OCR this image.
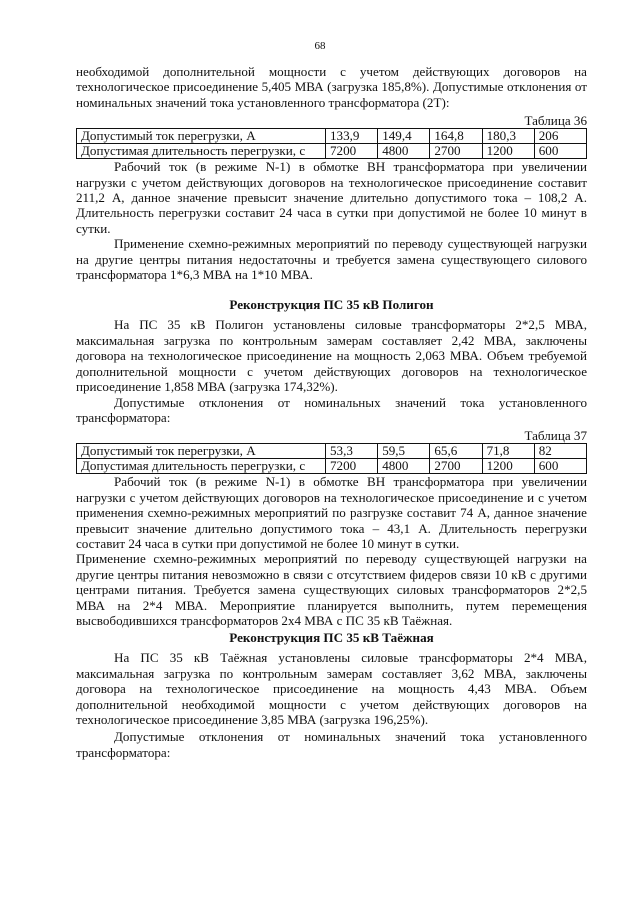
68

необходимой дополнительной мощности с учетом действующих договоров на технологическое присоединение 5,405 МВА (загрузка 185,8%). Допустимые отклонения от номинальных значений тока установленного трансформатора (2Т):

Таблица 36
Допустимый ток перегрузки, А	133,9	149,4	164,8	180,3	206
Допустимая длительность перегрузки, с	7200	4800	2700	1200	600

Рабочий ток (в режиме N-1) в обмотке ВН трансформатора при увеличении нагрузки с учетом действующих договоров на технологическое присоединение составит 211,2 А, данное значение превысит значение длительно допустимого тока – 108,2 А. Длительность перегрузки составит 24 часа в сутки при допустимой не более 10 минут в сутки.

Применение схемно-режимных мероприятий по переводу существующей нагрузки на другие центры питания недостаточны и требуется замена существующего силового трансформатора 1*6,3 МВА на 1*10 МВА.

Реконструкция ПС 35 кВ Полигон

На ПС 35 кВ Полигон установлены силовые трансформаторы 2*2,5 МВА, максимальная загрузка по контрольным замерам составляет 2,42 МВА, заключены договора на технологическое присоединение на мощность 2,063 МВА. Объем требуемой дополнительной мощности с учетом действующих договоров на технологическое присоединение 1,858 МВА (загрузка 174,32%).

Допустимые отклонения от номинальных значений тока установленного трансформатора:

Таблица 37
Допустимый ток перегрузки, А	53,3	59,5	65,6	71,8	82
Допустимая длительность перегрузки, с	7200	4800	2700	1200	600

Рабочий ток (в режиме N-1) в обмотке ВН трансформатора при увеличении нагрузки с учетом действующих договоров на технологическое присоединение и с учетом применения схемно-режимных мероприятий по разгрузке составит 74 А, данное значение превысит значение длительно допустимого тока – 43,1 А. Длительность перегрузки составит 24 часа в сутки при допустимой не более 10 минут в сутки.

Применение схемно-режимных мероприятий по переводу существующей нагрузки на другие центры питания невозможно в связи с отсутствием фидеров связи 10 кВ с другими центрами питания. Требуется замена существующих силовых трансформаторов 2*2,5 МВА на 2*4 МВА. Мероприятие планируется выполнить, путем перемещения высвободившихся трансформаторов 2х4 МВА с ПС 35 кВ Таёжная.

Реконструкция ПС 35 кВ Таёжная

На ПС 35 кВ Таёжная установлены силовые трансформаторы 2*4 МВА, максимальная загрузка по контрольным замерам составляет 3,62 МВА, заключены договора на технологическое присоединение на мощность 4,43 МВА. Объем дополнительной необходимой мощности с учетом действующих договоров на технологическое присоединение 3,85 МВА (загрузка 196,25%).

Допустимые отклонения от номинальных значений тока установленного трансформатора:
